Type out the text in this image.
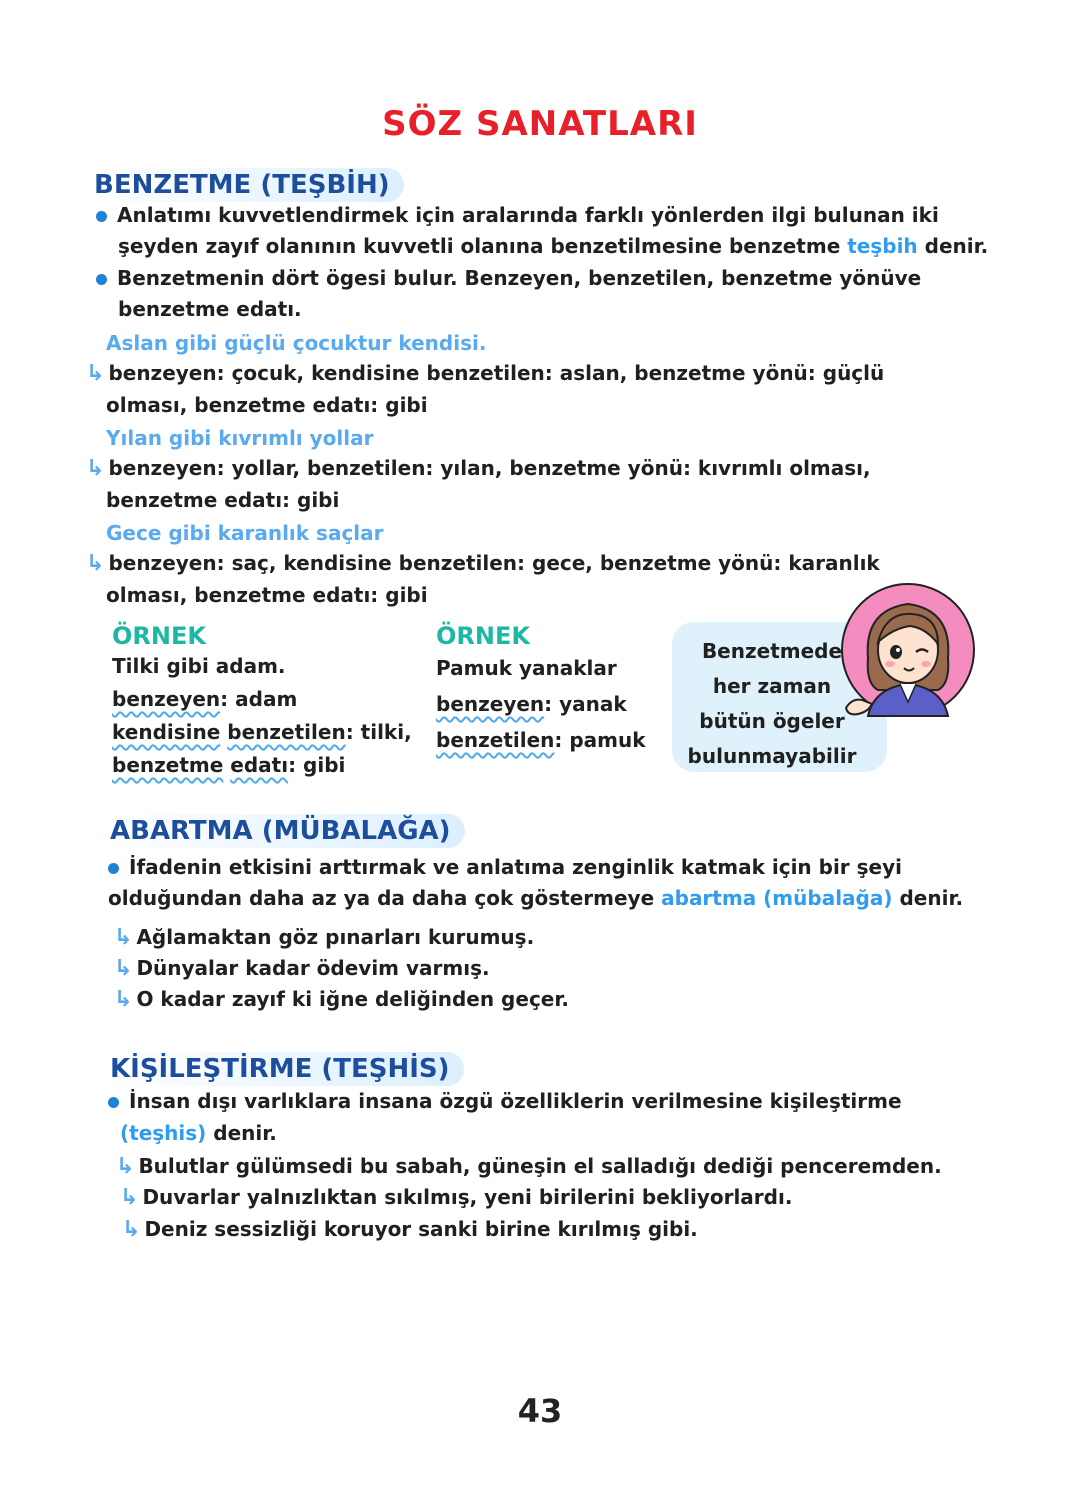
SÖZ SANATLARI
BENZETME (TEŞBİH)
Anlatımı kuvvetlendirmek için aralarında farklı yönlerden ilgi bulunan iki
şeyden zayıf olanının kuvvetli olanına benzetilmesine benzetme teşbih denir.
Benzetmenin dört ögesi bulur. Benzeyen, benzetilen, benzetme yönüve
benzetme edatı.
Aslan gibi güçlü çocuktur kendisi.
↳ benzeyen: çocuk, kendisine benzetilen: aslan, benzetme yönü: güçlü
olması, benzetme edatı: gibi
Yılan gibi kıvrımlı yollar
↳ benzeyen: yollar, benzetilen: yılan, benzetme yönü: kıvrımlı olması,
benzetme edatı: gibi
Gece gibi karanlık saçlar
↳ benzeyen: saç, kendisine benzetilen: gece, benzetme yönü: karanlık
olması, benzetme edatı: gibi
ÖRNEK
Tilki gibi adam.
benzeyen: adam
kendisine benzetilen: tilki,
benzetme edatı: gibi
ÖRNEK
Pamuk yanaklar
benzeyen: yanak
benzetilen: pamuk
Benzetmede
her zaman
bütün ögeler
bulunmayabilir
ABARTMA (MÜBALAĞA)
İfadenin etkisini arttırmak ve anlatıma zenginlik katmak için bir şeyi
olduğundan daha az ya da daha çok göstermeye abartma (mübalağa) denir.
↳ Ağlamaktan göz pınarları kurumuş.
↳ Dünyalar kadar ödevim varmış.
↳ O kadar zayıf ki iğne deliğinden geçer.
KİŞİLEŞTİRME (TEŞHİS)
İnsan dışı varlıklara insana özgü özelliklerin verilmesine kişileştirme
(teşhis) denir.
↳ Bulutlar gülümsedi bu sabah, güneşin el salladığı dediği penceremden.
↳ Duvarlar yalnızlıktan sıkılmış, yeni birilerini bekliyorlardı.
↳ Deniz sessizliği koruyor sanki birine kırılmış gibi.
43
